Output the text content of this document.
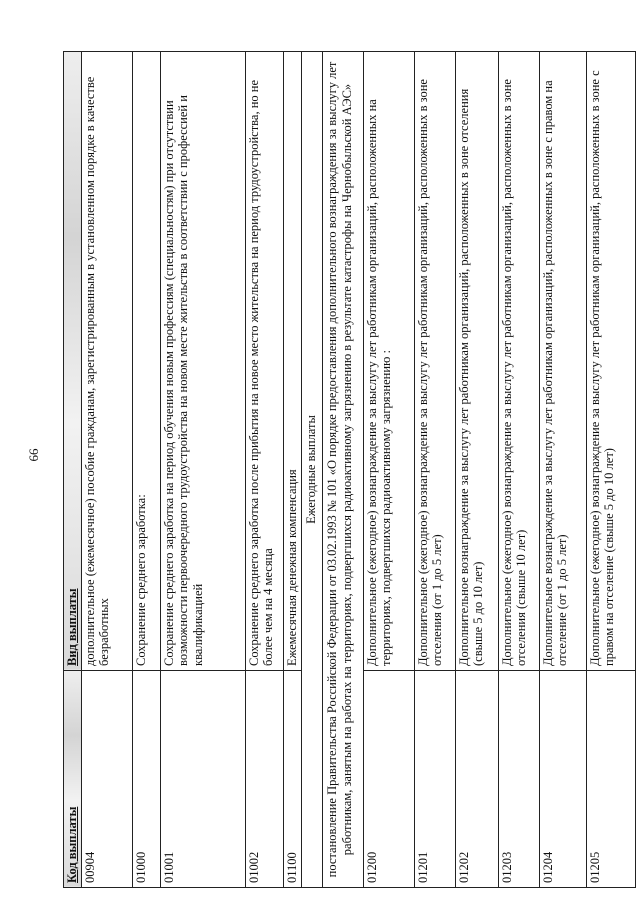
66
Код выплаты	Вид выплаты
00904	дополнительное (ежемесячное) пособие гражданам, зарегистрированным в установленном порядке в качестве безработных
01000	Сохранение среднего заработка:
01001	Сохранение среднего заработка на период обучения новым профессиям (специальностям) при отсутствии возможности первоочередного трудоустройства на новом месте жительства в соответствии с профессией и квалификацией
01002	Сохранение среднего заработка после прибытия на новое место жительства на период трудоустройства, но не более чем на 4 месяца
01100	Ежемесячная денежная компенсация
Ежегодные выплаты	
постановление Правительства Российской Федерации от 03.02.1993 № 101 «О порядке предоставления дополнительного вознаграждения за выслугу лет работникам, занятым на работах на территориях, подвергшихся радиоактивному загрязнению в результате катастрофы на Чернобыльской АЭС»	
01200	Дополнительное (ежегодное) вознаграждение за выслугу лет работникам организаций, расположенных на территориях, подвергшихся радиоактивному загрязнению :
01201	Дополнительное (ежегодное) вознаграждение за выслугу лет работникам организаций, расположенных в зоне отселения (от 1 до 5 лет)
01202	Дополнительное вознаграждение за выслугу лет работникам организаций, расположенных в зоне отселения (свыше 5 до 10 лет)
01203	Дополнительное (ежегодное) вознаграждение за выслугу лет работникам организаций, расположенных в зоне отселения (свыше 10 лет)
01204	Дополнительное вознаграждение за выслугу лет работникам организаций, расположенных в зоне с правом на отселение (от 1 до 5 лет)
01205	Дополнительное (ежегодное) вознаграждение за выслугу лет работникам организаций, расположенных в зоне с правом на отселение (свыше 5 до 10 лет)
